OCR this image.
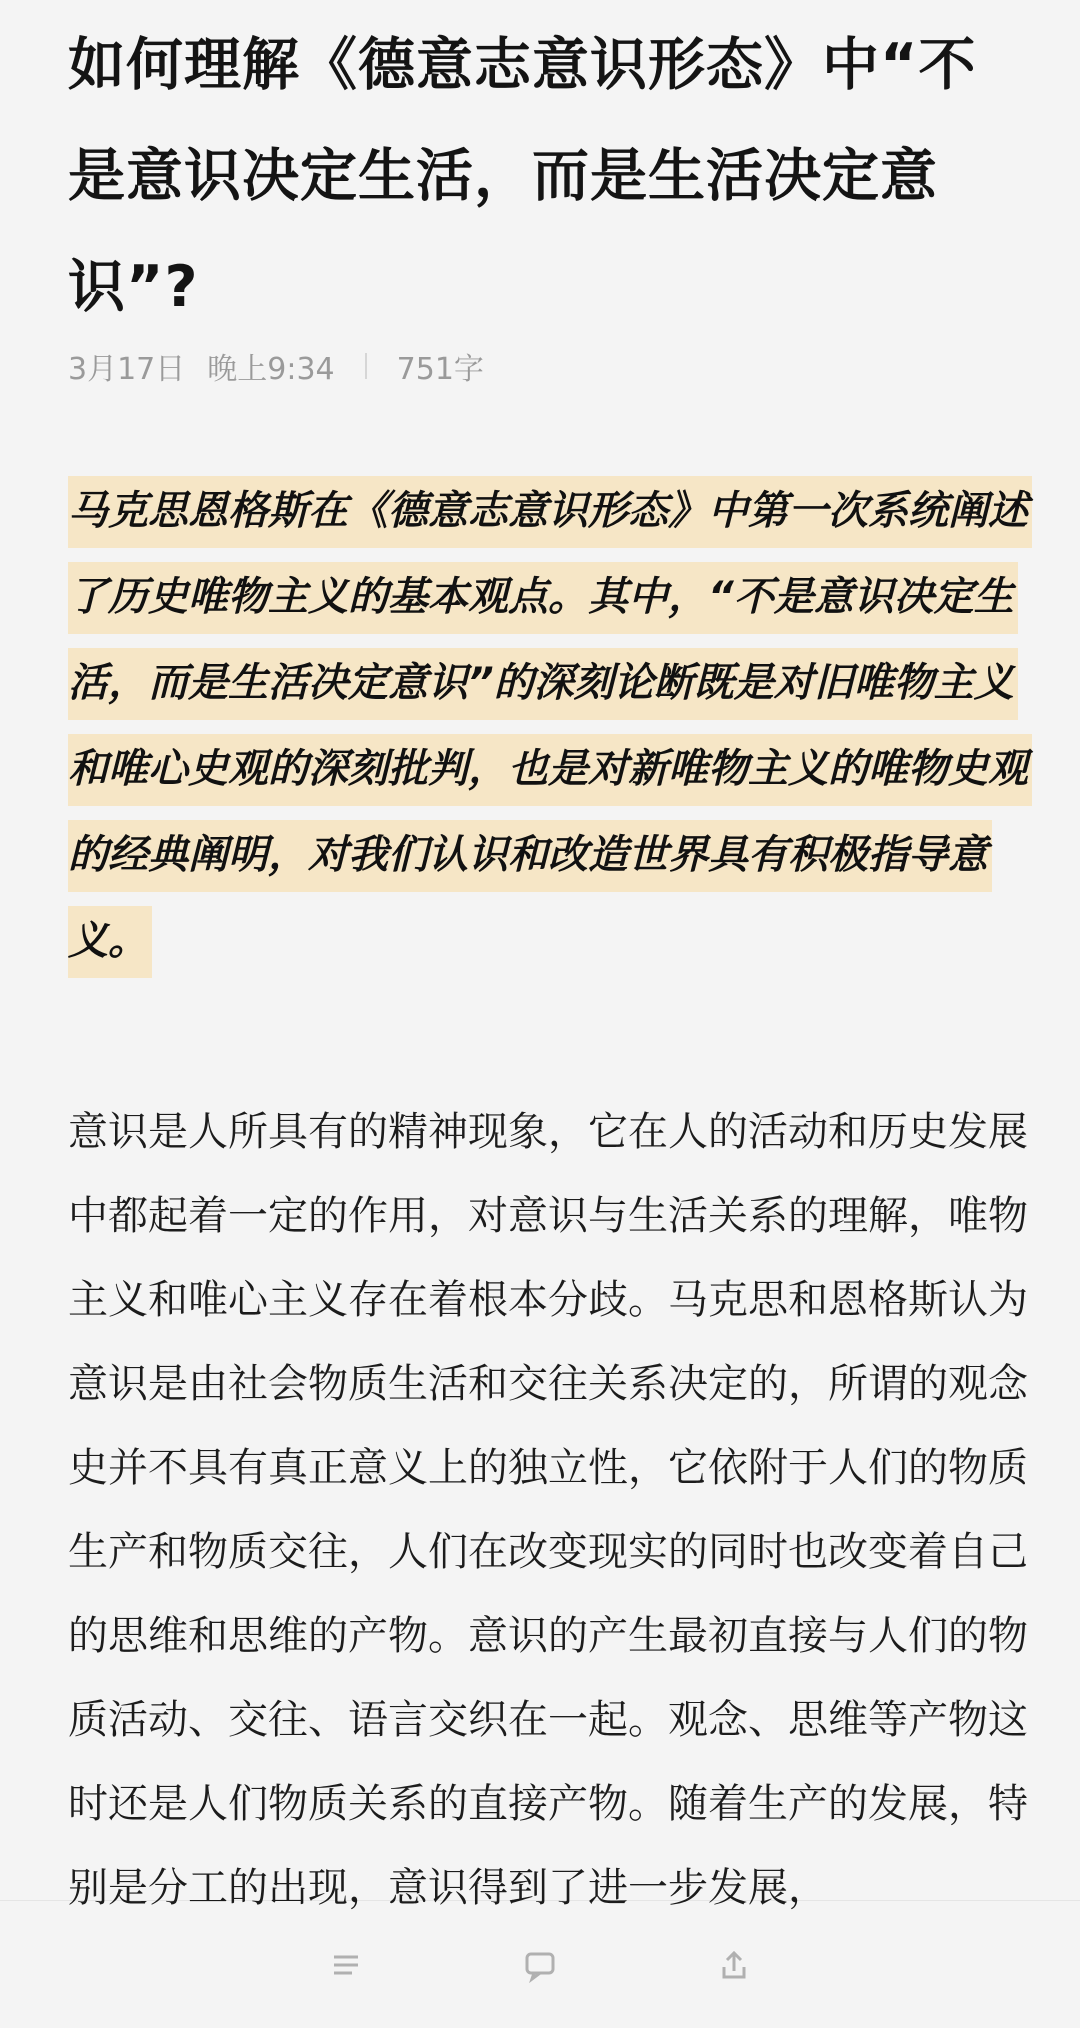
如何理解《德意志意识形态》中“不是意识决定生活，而是生活决定意识”?
3月17日 晚上9:34 751字

马克思恩格斯在《德意志意识形态》中第一次系统阐述了历史唯物主义的基本观点。其中，“不是意识决定生活，而是生活决定意识”的深刻论断既是对旧唯物主义和唯心史观的深刻批判，也是对新唯物主义的唯物史观的经典阐明，对我们认识和改造世界具有积极指导意义。

意识是人所具有的精神现象，它在人的活动和历史发展中都起着一定的作用，对意识与生活关系的理解，唯物主义和唯心主义存在着根本分歧。马克思和恩格斯认为意识是由社会物质生活和交往关系决定的，所谓的观念史并不具有真正意义上的独立性，它依附于人们的物质生产和物质交往，人们在改变现实的同时也改变着自己的思维和思维的产物。意识的产生最初直接与人们的物质活动、交往、语言交织在一起。观念、思维等产物这时还是人们物质关系的直接产物。随着生产的发展，特别是分工的出现，意识得到了进一步发展，
